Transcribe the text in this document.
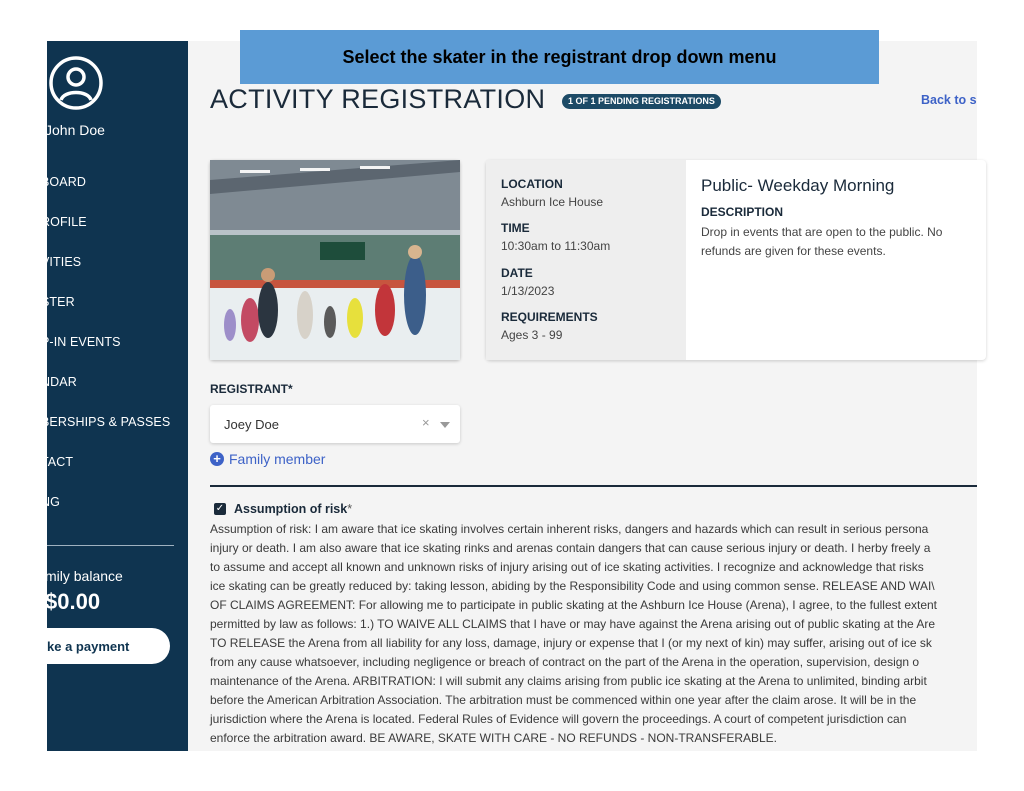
John Doe
BOARD
ROFILE
VITIES
STER
P-IN EVENTS
NDAR
BERSHIPS & PASSES
TACT
NG
mily balance
$0.00
ke a payment
ACTIVITY REGISTRATION	1 OF 1 PENDING REGISTRATIONS	Back to s
LOCATION
Ashburn Ice House
TIME
10:30am to 11:30am
DATE
1/13/2023
REQUIREMENTS
Ages 3 - 99
Public- Weekday Morning
DESCRIPTION
Drop in events that are open to the public. No refunds are given for these events.
REGISTRANT*
Joey Doe	×
+ Family member
✓ Assumption of risk*
Assumption of risk: I am aware that ice skating involves certain inherent risks, dangers and hazards which can result in serious persona
injury or death. I am also aware that ice skating rinks and arenas contain dangers that can cause serious injury or death. I herby freely a
to assume and accept all known and unknown risks of injury arising out of ice skating activities. I recognize and acknowledge that risks
ice skating can be greatly reduced by: taking lesson, abiding by the Responsibility Code and using common sense. RELEASE AND WAI\
OF CLAIMS AGREEMENT: For allowing me to participate in public skating at the Ashburn Ice House (Arena), I agree, to the fullest extent
permitted by law as follows: 1.) TO WAIVE ALL CLAIMS that I have or may have against the Arena arising out of public skating at the Are
TO RELEASE the Arena from all liability for any loss, damage, injury or expense that I (or my next of kin) may suffer, arising out of ice sk
from any cause whatsoever, including negligence or breach of contract on the part of the Arena in the operation, supervision, design o
maintenance of the Arena. ARBITRATION: I will submit any claims arising from public ice skating at the Arena to unlimited, binding arbit
before the American Arbitration Association. The arbitration must be commenced within one year after the claim arose. It will be in the
jurisdiction where the Arena is located. Federal Rules of Evidence will govern the proceedings. A court of competent jurisdiction can
enforce the arbitration award. BE AWARE, SKATE WITH CARE - NO REFUNDS - NON-TRANSFERABLE.
Select the skater in the registrant drop down menu
